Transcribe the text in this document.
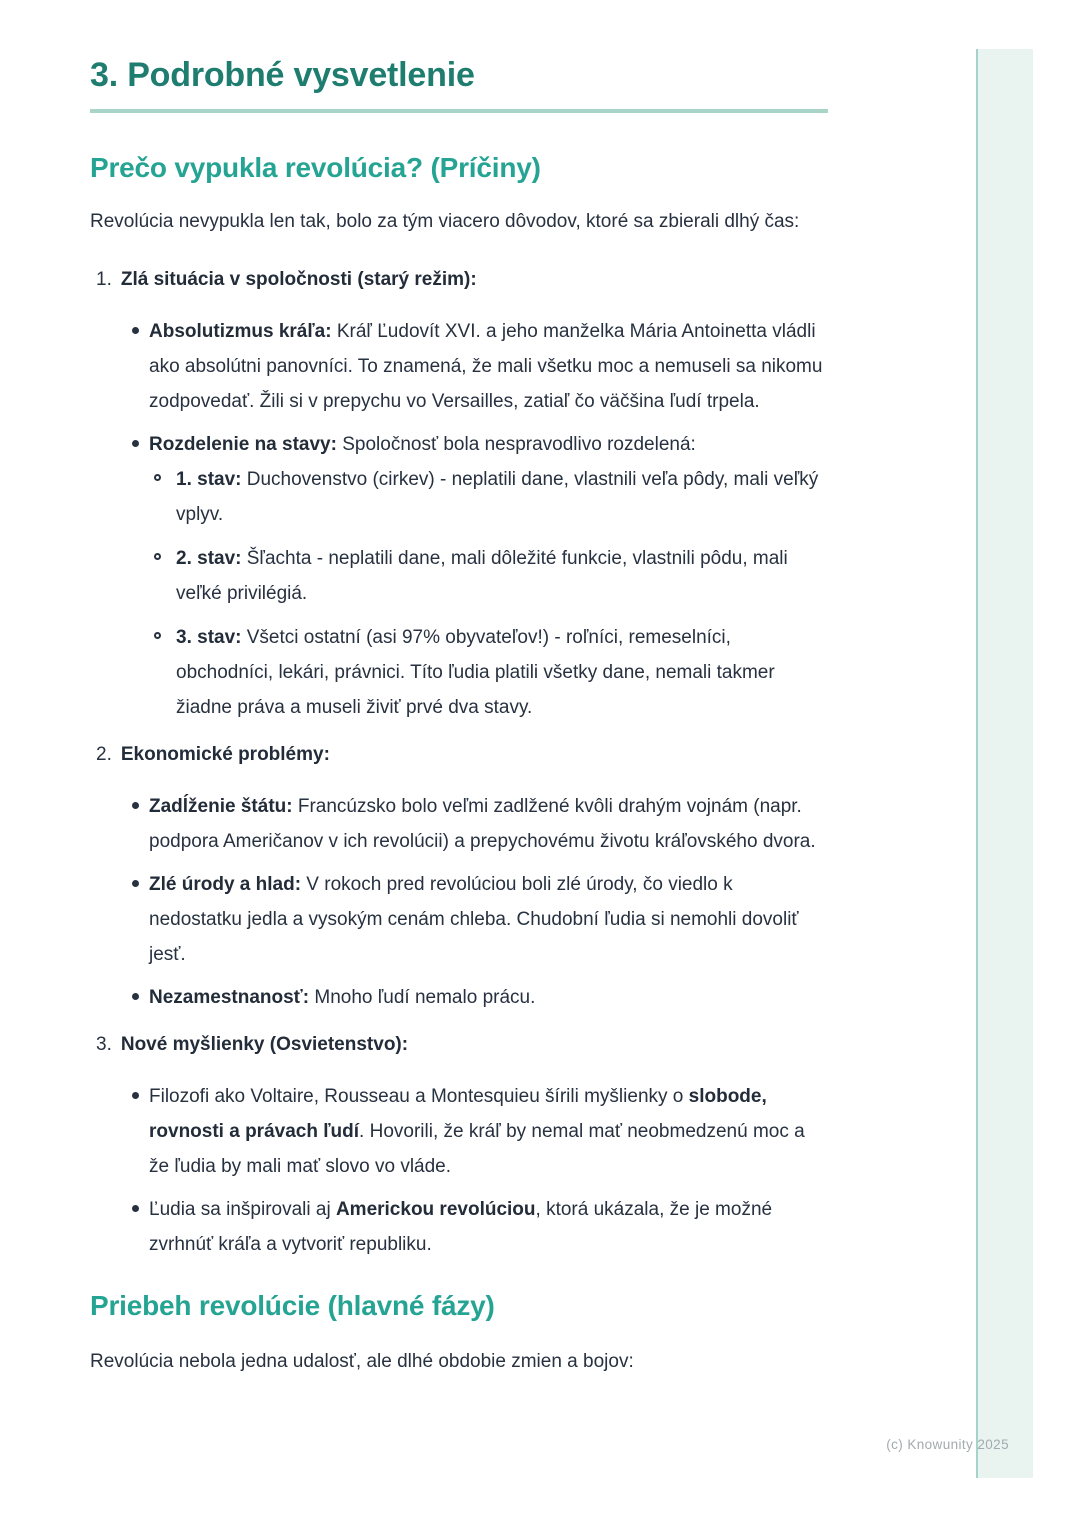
3. Podrobné vysvetlenie
Prečo vypukla revolúcia? (Príčiny)

Revolúcia nevypukla len tak, bolo za tým viacero dôvodov, ktoré sa zbierali dlhý čas:

1. Zlá situácia v spoločnosti (starý režim):
Absolutizmus kráľa: Kráľ Ľudovít XVI. a jeho manželka Mária Antoinetta vládli ako absolútni panovníci. To znamená, že mali všetku moc a nemuseli sa nikomu zodpovedať. Žili si v prepychu vo Versailles, zatiaľ čo väčšina ľudí trpela.
Rozdelenie na stavy: Spoločnosť bola nespravodlivo rozdelená:
1. stav: Duchovenstvo (cirkev) - neplatili dane, vlastnili veľa pôdy, mali veľký vplyv.
2. stav: Šľachta - neplatili dane, mali dôležité funkcie, vlastnili pôdu, mali veľké privilégiá.
3. stav: Všetci ostatní (asi 97% obyvateľov!) - roľníci, remeselníci, obchodníci, lekári, právnici. Títo ľudia platili všetky dane, nemali takmer žiadne práva a museli živiť prvé dva stavy.
2. Ekonomické problémy:
Zadĺženie štátu: Francúzsko bolo veľmi zadlžené kvôli drahým vojnám (napr. podpora Američanov v ich revolúcii) a prepychovému životu kráľovského dvora.
Zlé úrody a hlad: V rokoch pred revolúciou boli zlé úrody, čo viedlo k nedostatku jedla a vysokým cenám chleba. Chudobní ľudia si nemohli dovoliť jesť.
Nezamestnanosť: Mnoho ľudí nemalo prácu.
3. Nové myšlienky (Osvietenstvo):
Filozofi ako Voltaire, Rousseau a Montesquieu šírili myšlienky o slobode, rovnosti a právach ľudí. Hovorili, že kráľ by nemal mať neobmedzenú moc a že ľudia by mali mať slovo vo vláde.
Ľudia sa inšpirovali aj Americkou revolúciou, ktorá ukázala, že je možné zvrhnúť kráľa a vytvoriť republiku.
Priebeh revolúcie (hlavné fázy)

Revolúcia nebola jedna udalosť, ale dlhé obdobie zmien a bojov:

(c) Knowunity 2025
